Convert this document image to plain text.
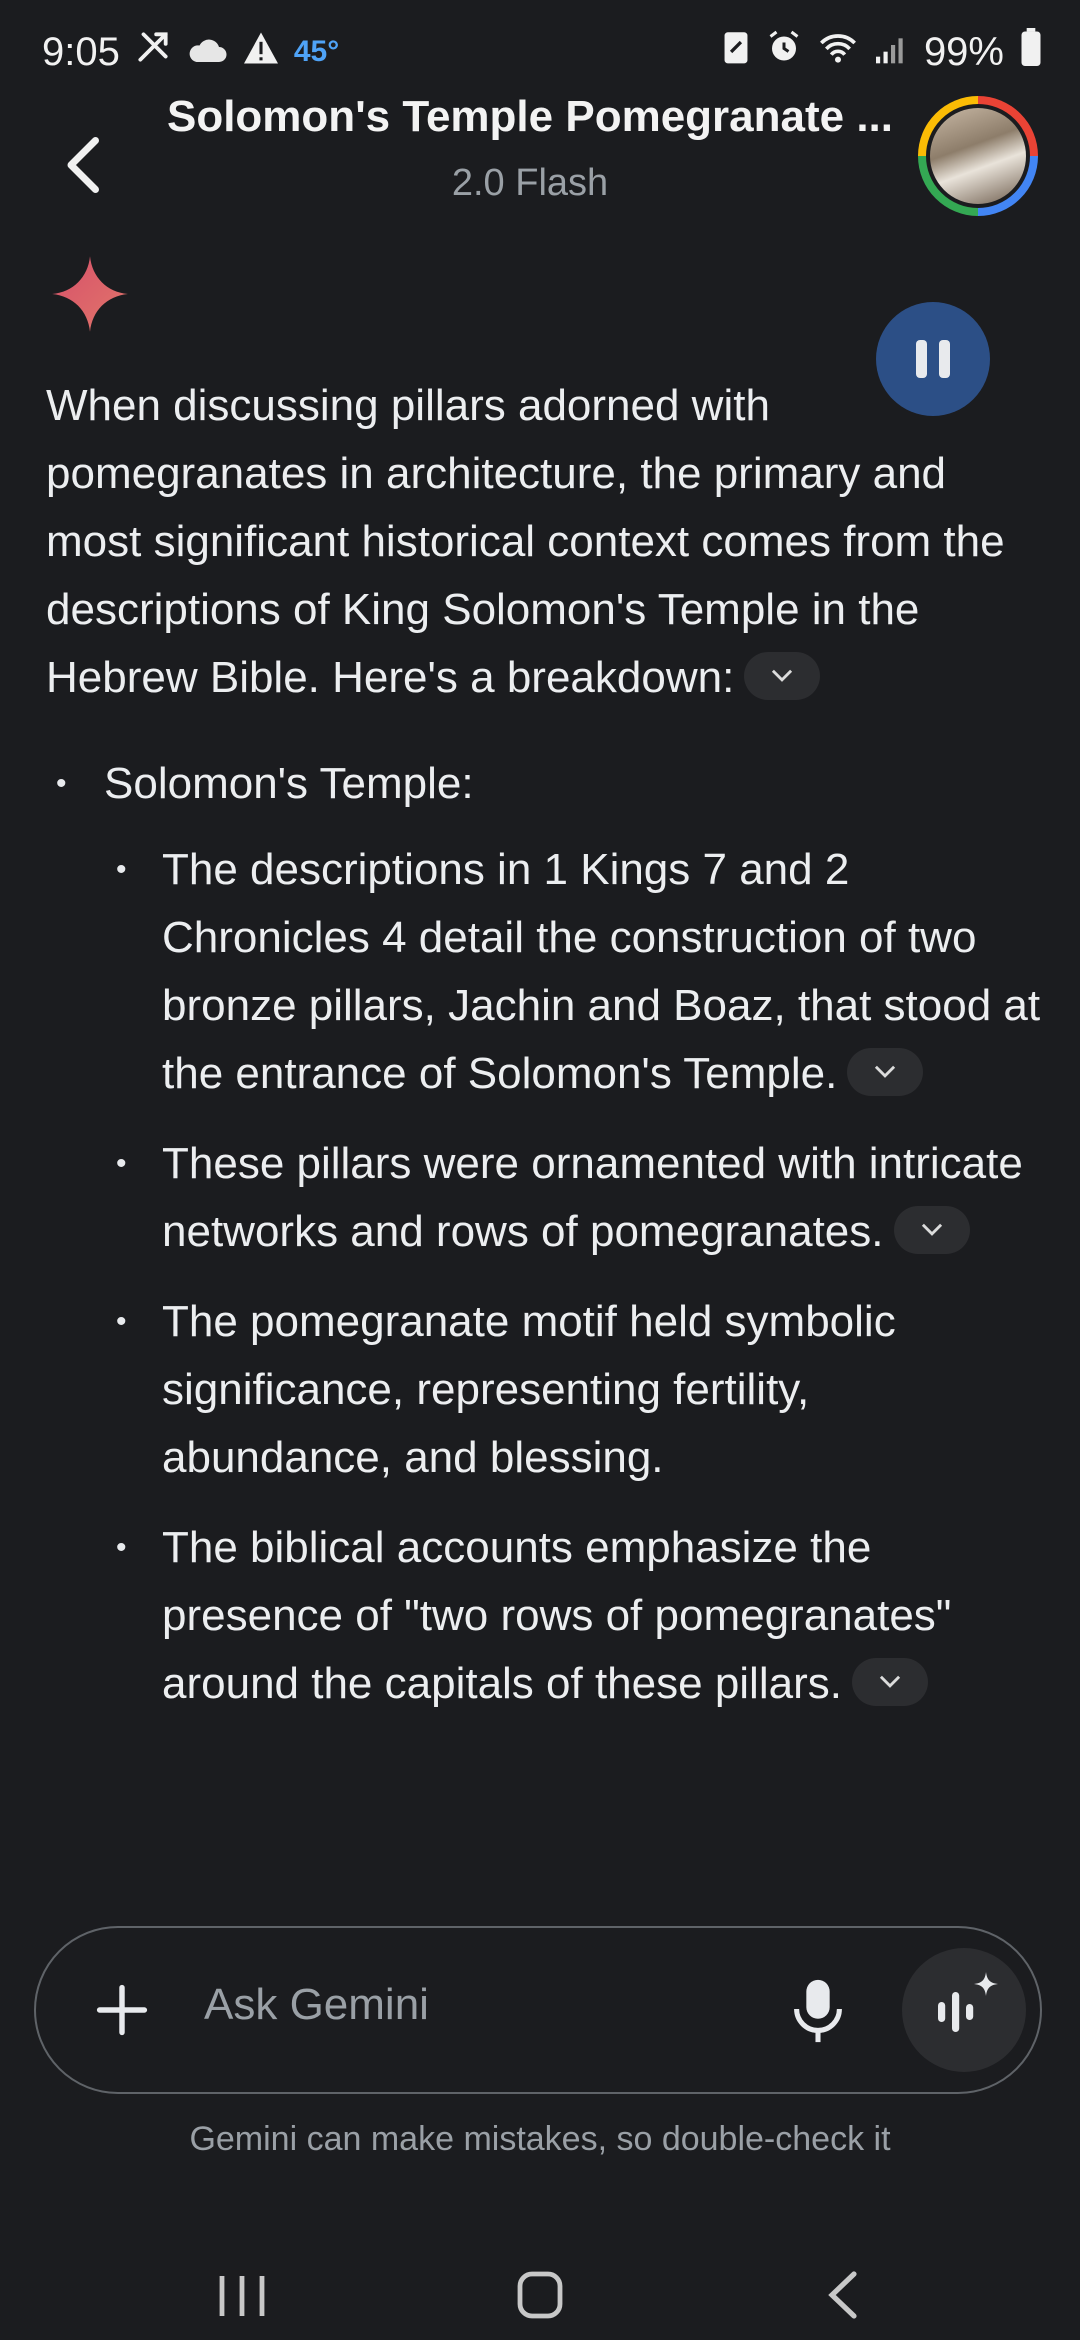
9:05	45°	99%
Solomon's Temple Pomegranate ...
2.0 Flash

When discussing pillars adorned with pomegranates in architecture, the primary and most significant historical context comes from the descriptions of King Solomon's Temple in the Hebrew Bible. Here's a breakdown:

• Solomon's Temple:
• The descriptions in 1 Kings 7 and 2 Chronicles 4 detail the construction of two bronze pillars, Jachin and Boaz, that stood at the entrance of Solomon's Temple.
• These pillars were ornamented with intricate networks and rows of pomegranates.
• The pomegranate motif held symbolic significance, representing fertility, abundance, and blessing.
• The biblical accounts emphasize the presence of "two rows of pomegranates" around the capitals of these pillars.
Ask Gemini
Gemini can make mistakes, so double-check it
